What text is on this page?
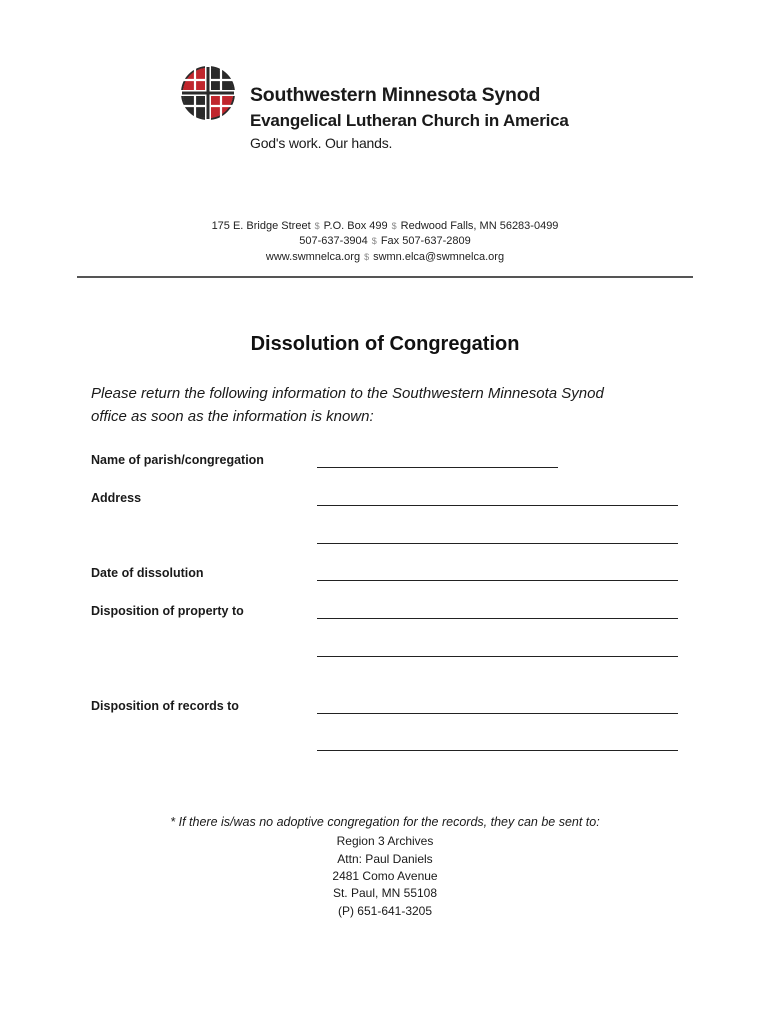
Southwestern Minnesota Synod
Evangelical Lutheran Church in America
God's work. Our hands.
175 E. Bridge Street $ P.O. Box 499 $ Redwood Falls, MN 56283-0499
507-637-3904 $ Fax 507-637-2809
www.swmnelca.org $ swmn.elca@swmnelca.org
Dissolution of Congregation
Please return the following information to the Southwestern Minnesota Synod
office as soon as the information is known:
Name of parish/congregation
Address
Date of dissolution
Disposition of property to
Disposition of records to
* If there is/was no adoptive congregation for the records, they can be sent to:
Region 3 Archives
Attn: Paul Daniels
2481 Como Avenue
St. Paul, MN 55108
(P) 651-641-3205
